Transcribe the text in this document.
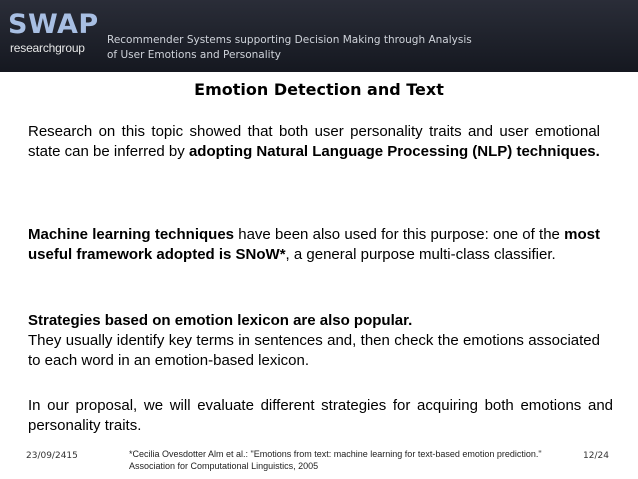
SWAP
researchgroup
Recommender Systems supporting Decision Making through Analysis
of User Emotions and Personality
Emotion Detection and Text

Research on this topic showed that both user personality traits and user emotional state can be inferred by adopting Natural Language Processing (NLP) techniques.

Machine learning techniques have been also used for this purpose: one of the most useful framework adopted is SNoW*, a general purpose multi-class classifier.

Strategies based on emotion lexicon are also popular.
They usually identify key terms in sentences and, then check the emotions associated to each word in an emotion-based lexicon.

In our proposal, we will evaluate different strategies for acquiring both emotions and personality traits.

23/09/2415	*Cecilia Ovesdotter Alm et al.: "Emotions from text: machine learning for text-based emotion prediction." Association for Computational Linguistics, 2005
12/24
